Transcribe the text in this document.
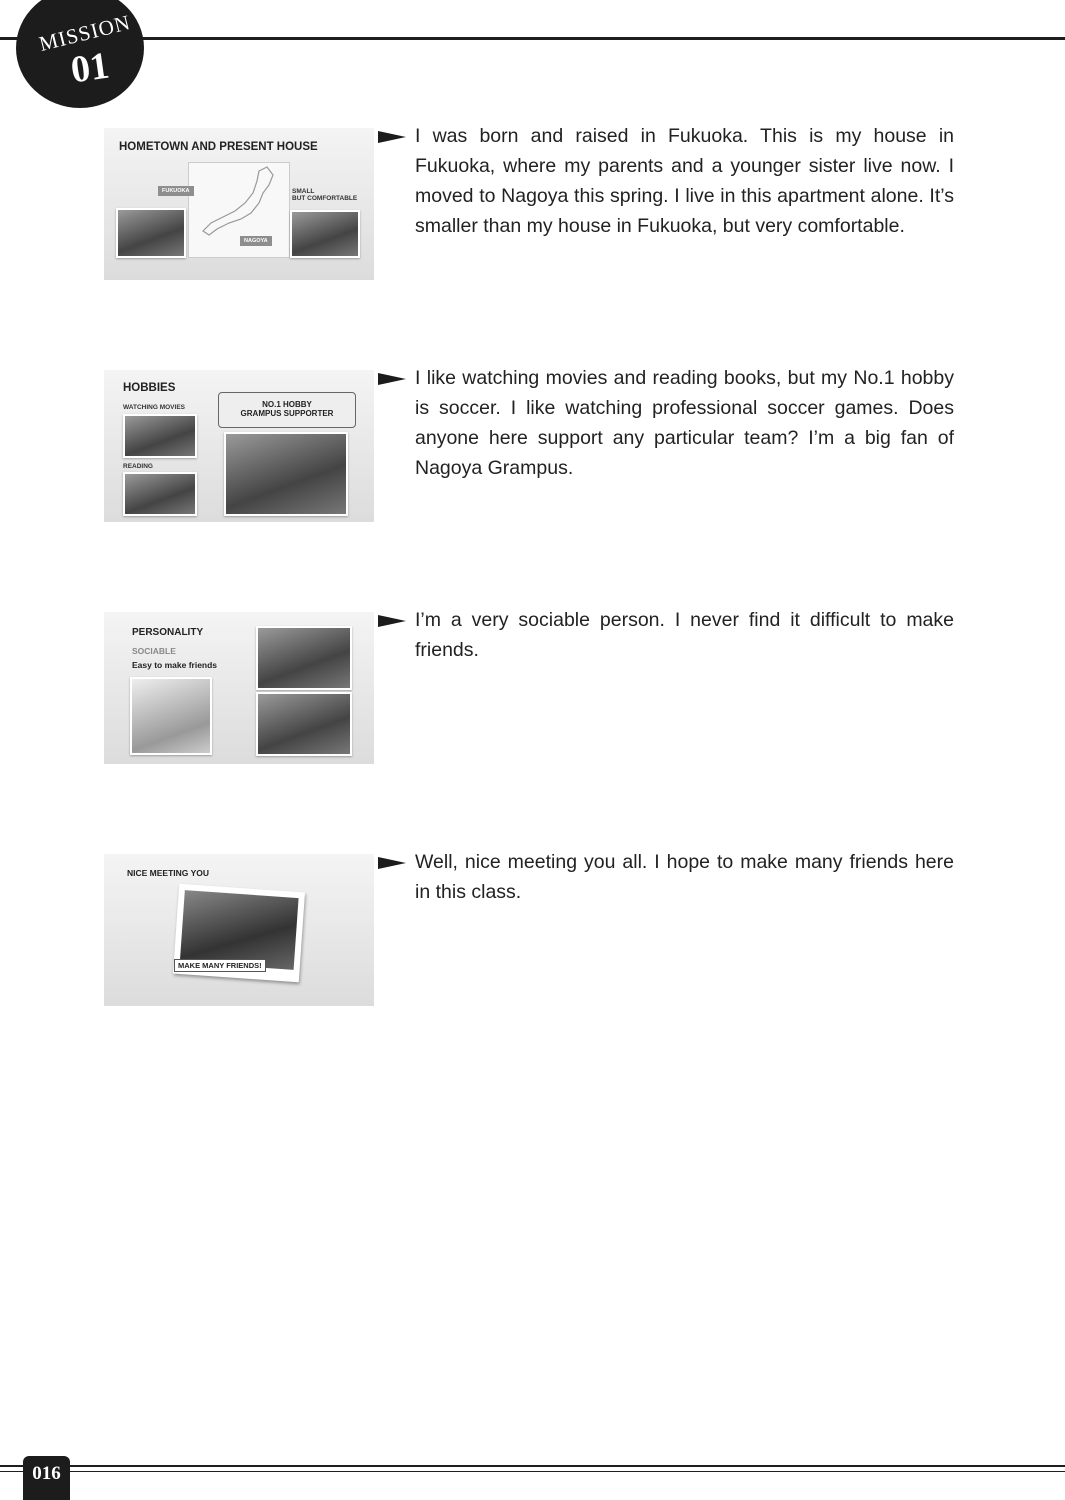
MISSION
01
HOMETOWN AND PRESENT HOUSE
FUKUOKA
NAGOYA
SMALL
BUT COMFORTABLE

I was born and raised in Fukuoka. This is my house in Fukuoka, where my parents and a younger sister live now. I moved to Nagoya this spring. I live in this apartment alone. It’s smaller than my house in Fukuoka, but very comfortable.

HOBBIES
WATCHING MOVIES
READING
NO.1 HOBBY
GRAMPUS SUPPORTER

I like watching movies and reading books, but my No.1 hobby is soccer. I like watching professional soccer games. Does anyone here support any particular team? I’m a big fan of Nagoya Grampus.

PERSONALITY
SOCIABLE
Easy to make friends

I’m a very sociable person. I never find it difficult to make friends.

NICE MEETING YOU
MAKE MANY FRIENDS!

Well, nice meeting you all. I hope to make many friends here in this class.

016
